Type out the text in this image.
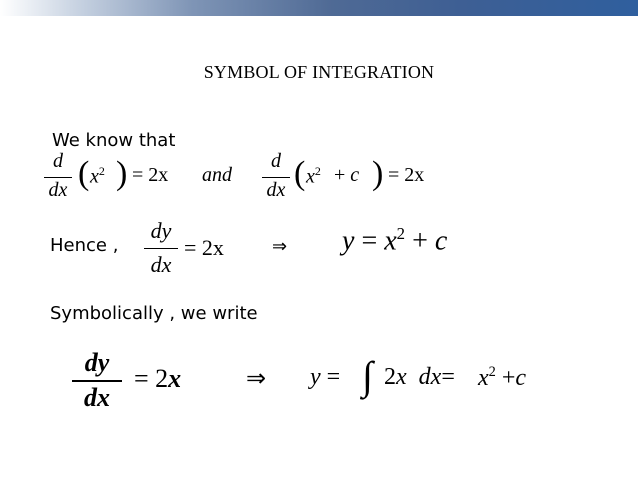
SYMBOL OF INTEGRATION
We know that
d
dx ( $x^2$ ) = 2x and
d
dx ( $x^2 + c$ ) = 2x
Hence ,
dy
dx
= 2x	⇒ $y = x^2 + c$
Symbolically , we write
dy
dx
= 2x	⇒ y = ∫ 2x $dx= x^2 +c$
